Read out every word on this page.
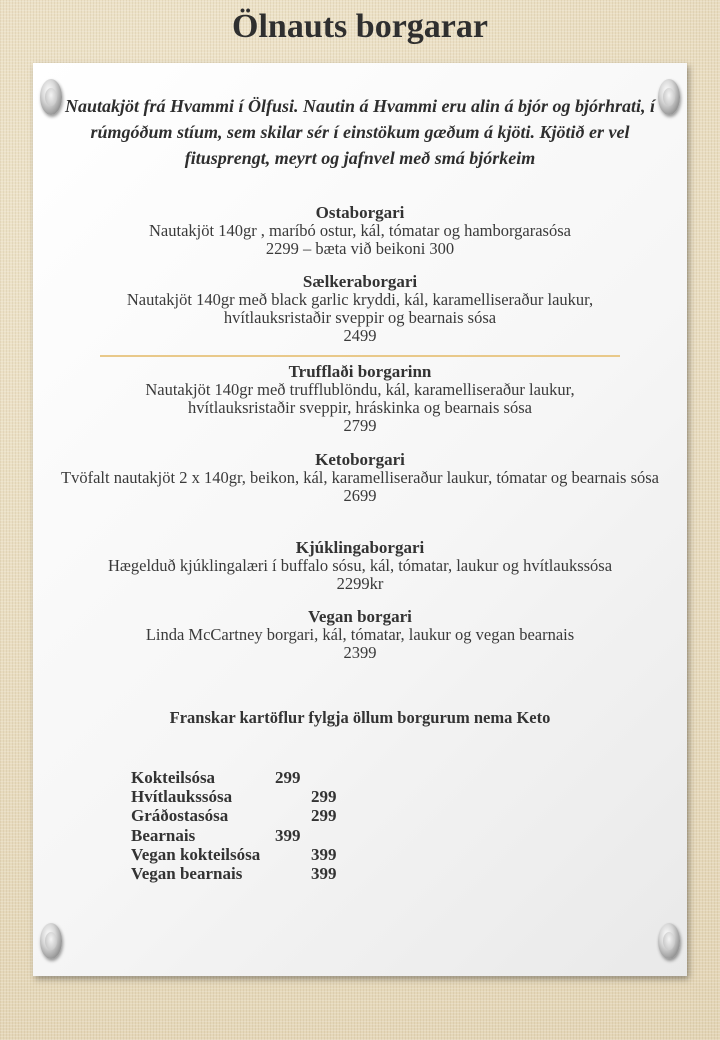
Ölnauts borgarar
Nautakjöt frá Hvammi í Ölfusi. Nautin á Hvammi eru alin á bjór og bjórhrati, í rúmgóðum stíum, sem skilar sér í einstökum gæðum á kjöti. Kjötið er vel fitusprengt, meyrt og jafnvel með smá bjórkeim
Ostaborgari
Nautakjöt 140gr , maríbó ostur, kál, tómatar og hamborgarasósa
2299 – bæta við beikoni 300
Sælkeraborgari
Nautakjöt 140gr með black garlic kryddi, kál, karamelliseraður laukur, hvítlauksristaðir sveppir og bearnais sósa
2499
Trufflaði borgarinn
Nautakjöt 140gr með trufflublöndu, kál, karamelliseraður laukur, hvítlauksristaðir sveppir, hráskinka og bearnais sósa
2799
Ketoborgari
Tvöfalt nautakjöt 2 x 140gr, beikon, kál, karamelliseraður laukur, tómatar og bearnais sósa
2699
Kjúklingaborgari
Hægelduð kjúklingalæri í buffalo sósu, kál, tómatar, laukur og hvítlaukssósa
2299kr
Vegan borgari
Linda McCartney borgari, kál, tómatar, laukur og vegan bearnais
2399
Franskar kartöflur fylgja öllum borgurum nema Keto
Kokteilsósa	299
Hvítlaukssósa	299
Gráðostasósa	299
Bearnais	399
Vegan kokteilsósa	399
Vegan bearnais	399
